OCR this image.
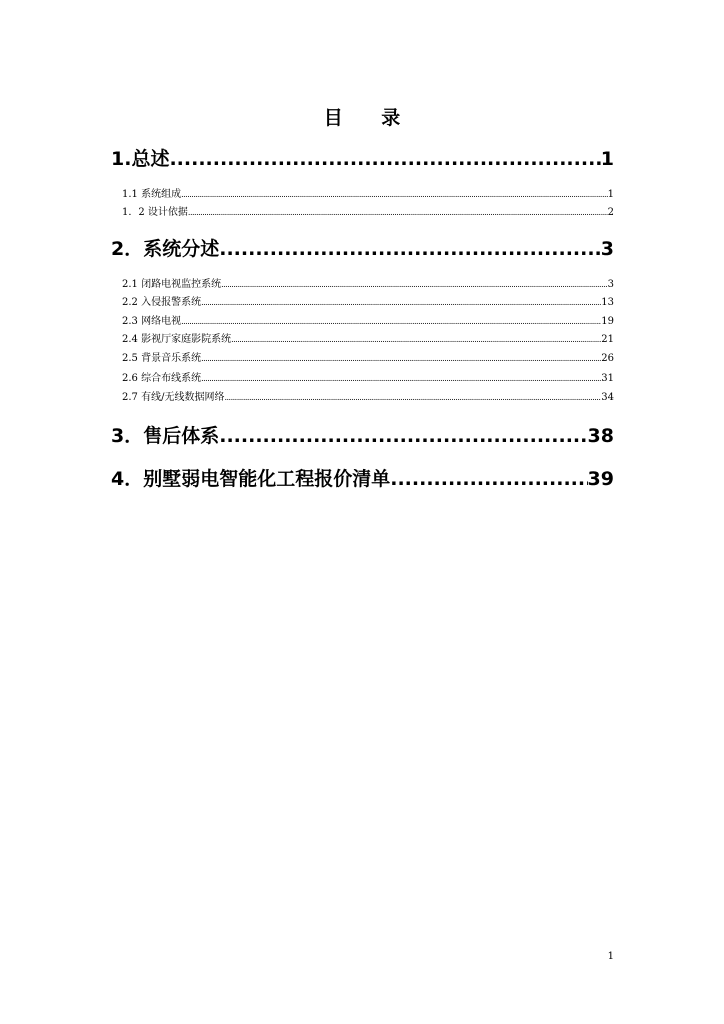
目 录
1.总述 .....	1
1.1 系统组成 .....	1
1．2 设计依据 .....	2
2．系统分述 .....	3
2.1 闭路电视监控系统 .....	3
2.2 入侵报警系统 .....	13
2.3 网络电视 .....	19
2.4 影视厅家庭影院系统 .....	21
2.5 背景音乐系统 .....	26
2.6 综合布线系统 .....	31
2.7 有线/无线数据网络 .....	34
3．售后体系 .....	38
4．别墅弱电智能化工程报价清单 .....	39
1
